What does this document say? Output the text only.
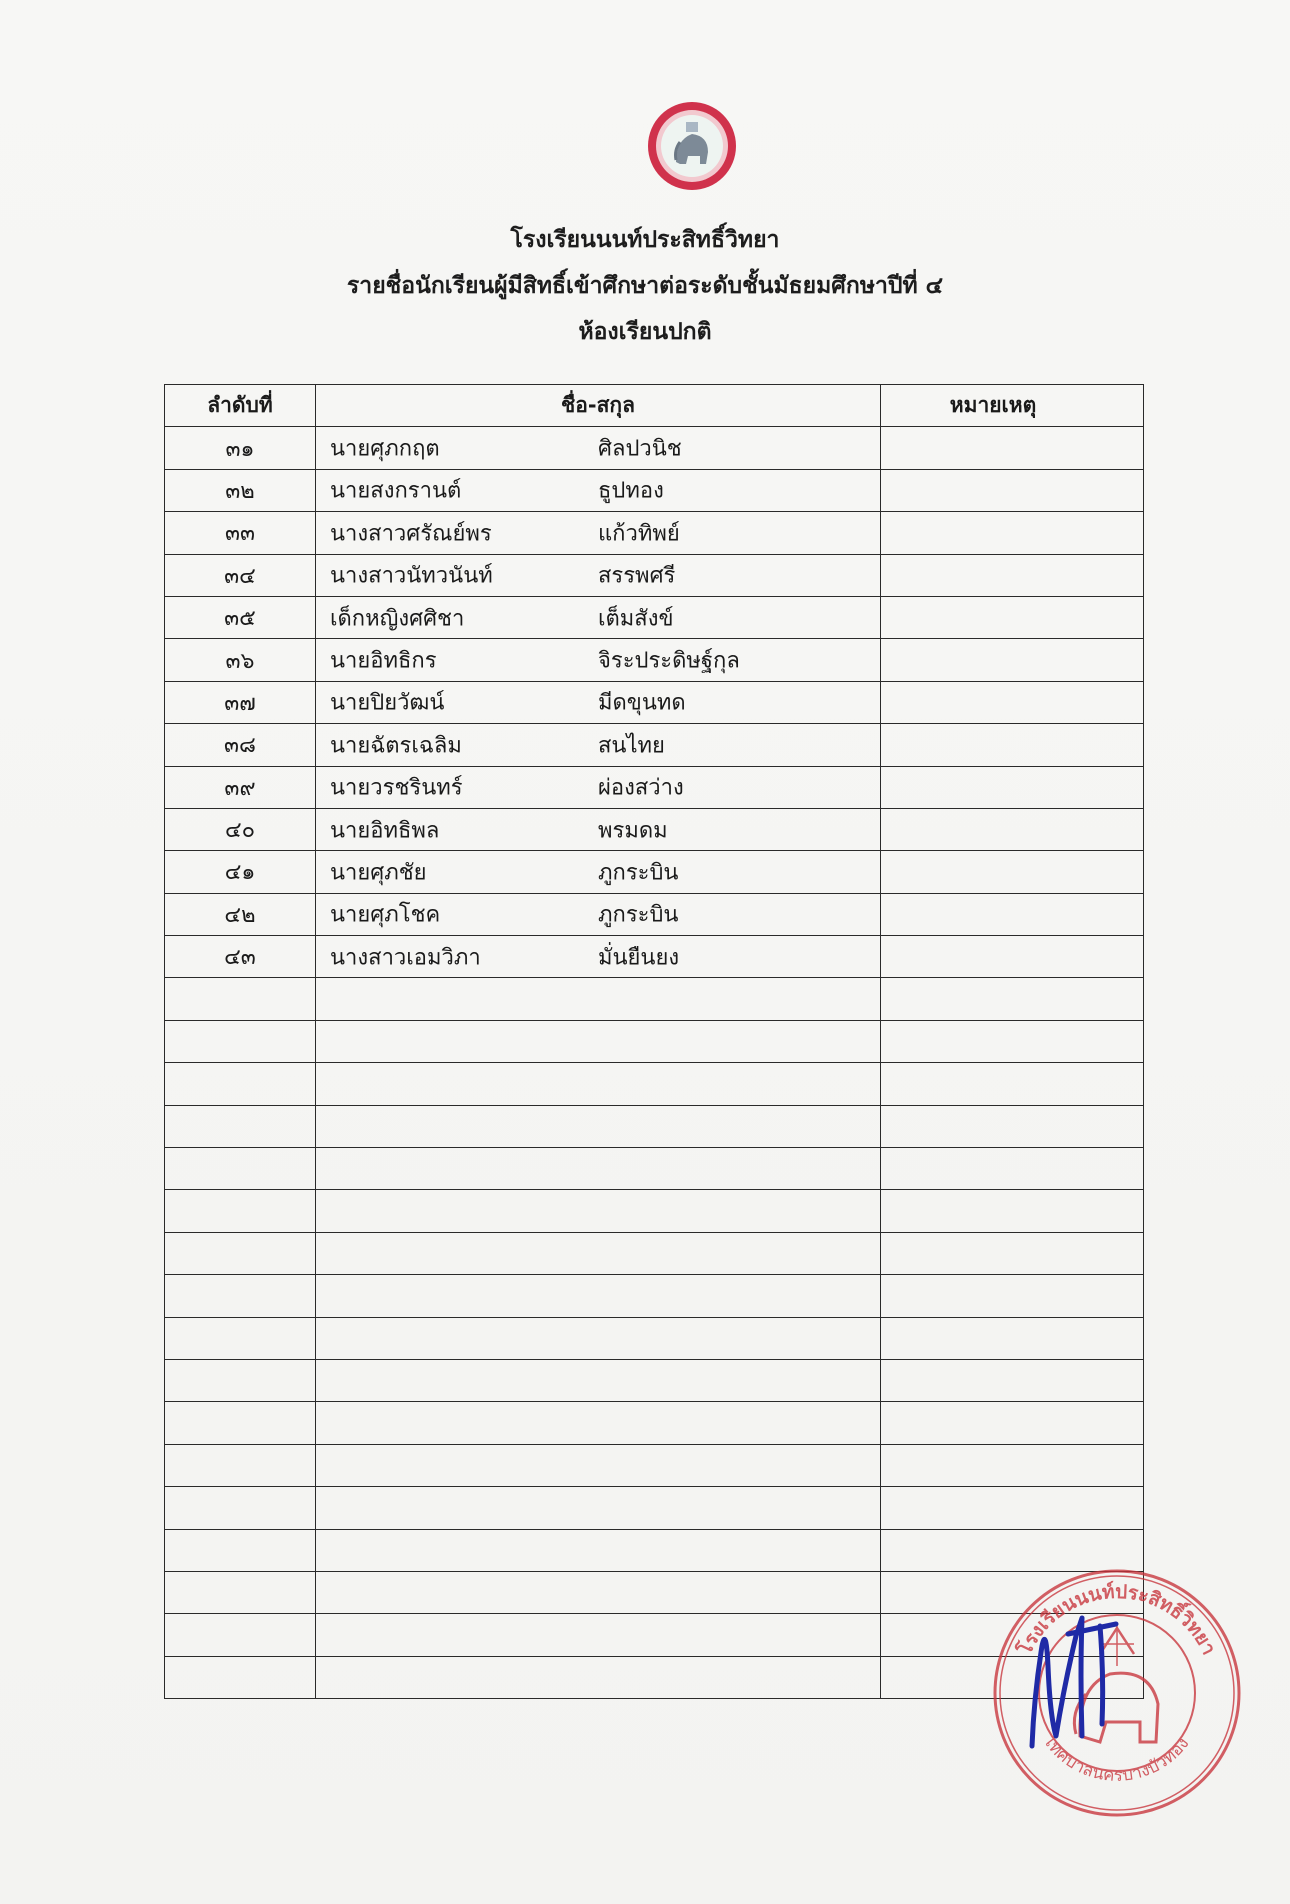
โรงเรียนนนท์ประสิทธิ์วิทยา
รายชื่อนักเรียนผู้มีสิทธิ์เข้าศึกษาต่อระดับชั้นมัธยมศึกษาปีที่ ๔
ห้องเรียนปกติ
ลำดับที่	ชื่อ-สกุล	หมายเหตุ
๓๑	นายศุภกฤต ศิลปวนิช	

๓๒	นายสงกรานต์ ธูปทอง	

๓๓	นางสาวศรัณย์พร แก้วทิพย์	

๓๔	นางสาวนัทวนันท์ สรรพศรี	

๓๕	เด็กหญิงศศิชา เต็มสังข์	

๓๖	นายอิทธิกร จิระประดิษฐ์กุล	

๓๗	นายปิยวัฒน์ มีดขุนทด	

๓๘	นายฉัตรเฉลิม สนไทย	

๓๙	นายวรชรินทร์ ผ่องสว่าง	

๔๐	นายอิทธิพล พรมดม	

๔๑	นายศุภชัย ภูกระบิน	

๔๒	นายศุภโชค ภูกระบิน	

๔๓	นางสาวเอมวิภา มั่นยืนยง	

โรงเรียนนนท์ประสิทธิ์วิทยา
เทศบาลนครบางบัวทอง
